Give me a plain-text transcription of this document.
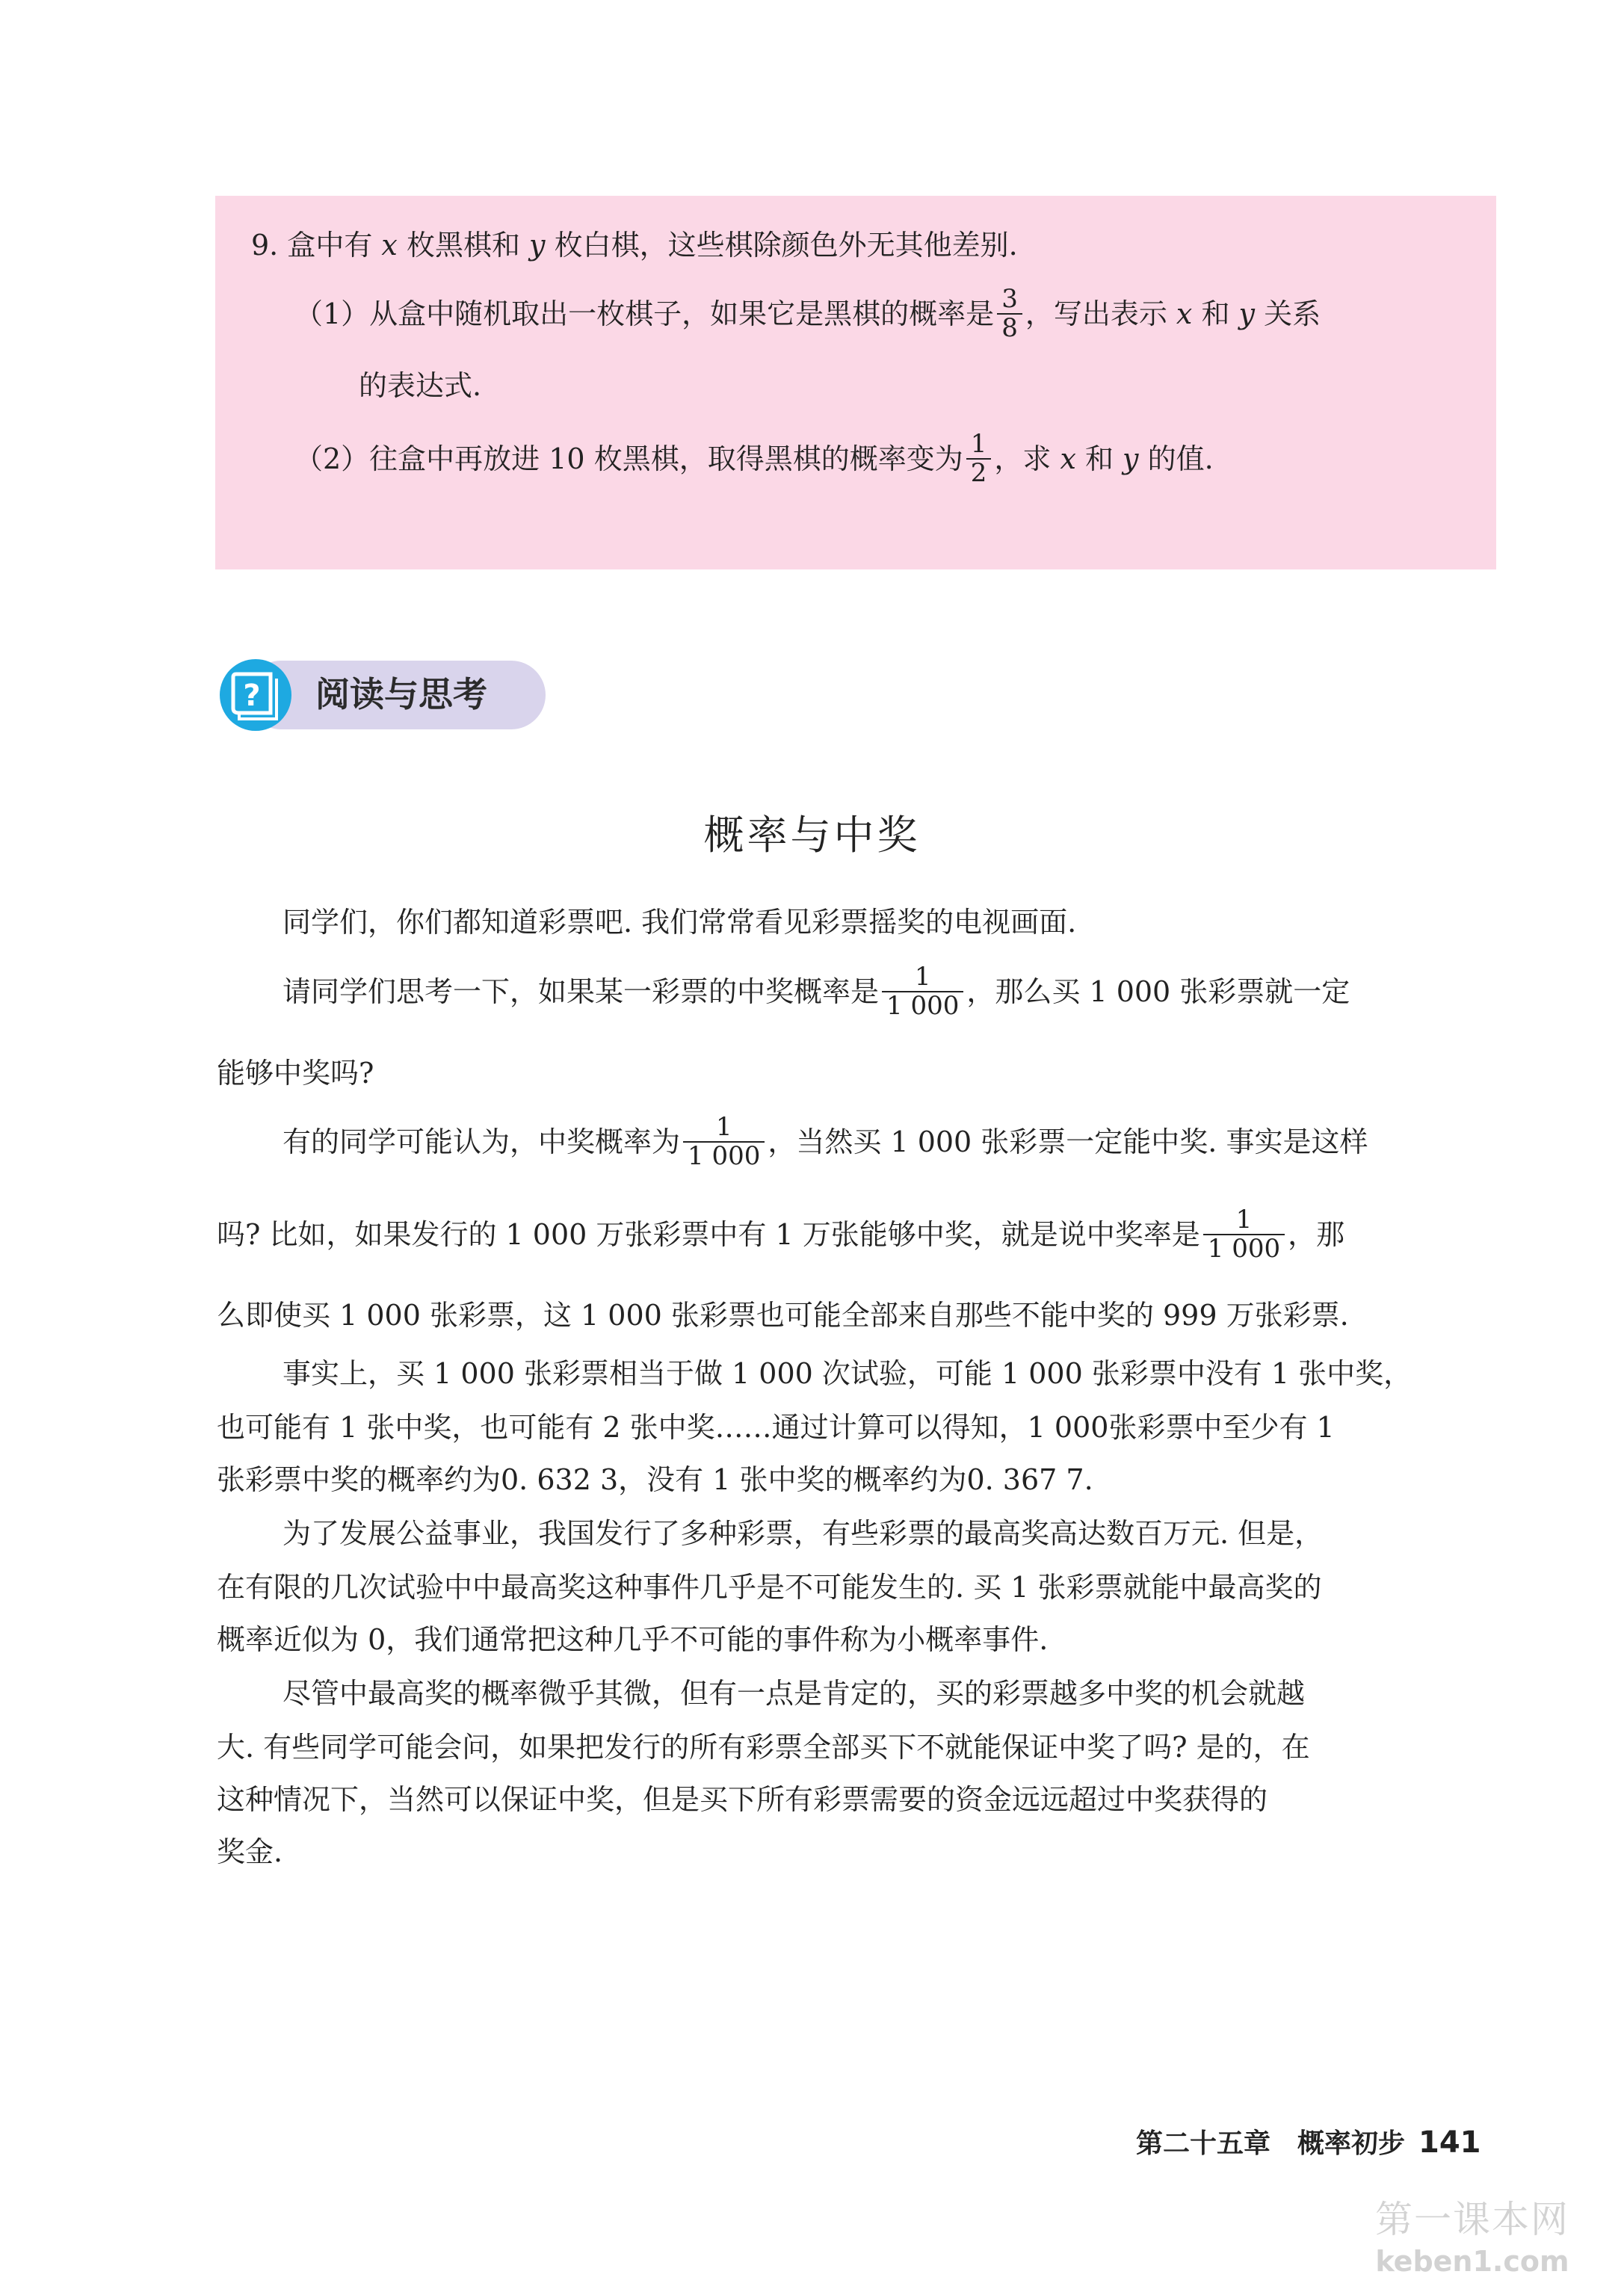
9. 盒中有 x 枚黑棋和 y 枚白棋，这些棋除颜色外无其他差别.
（1）从盒中随机取出一枚棋子，如果它是黑棋的概率是 $\frac{3}{8}$ ，写出表示 x 和 y 关系
的表达式.
（2）往盒中再放进 10 枚黑棋，取得黑棋的概率变为 $\frac{1}{2}$ ，求 x 和 y 的值.
? 阅读与思考
概率与中奖
同学们，你们都知道彩票吧. 我们常常看见彩票摇奖的电视画面.
请同学们思考一下，如果某一彩票的中奖概率是 $\frac{1}{1 000}$ ，那么买 1 000 张彩票就一定
能够中奖吗?
有的同学可能认为，中奖概率为 $\frac{1}{1 000}$ ，当然买 1 000 张彩票一定能中奖. 事实是这样
吗? 比如，如果发行的 1 000 万张彩票中有 1 万张能够中奖，就是说中奖率是 $\frac{1}{1 000}$ ，那
么即使买 1 000 张彩票，这 1 000 张彩票也可能全部来自那些不能中奖的 999 万张彩票.
事实上，买 1 000 张彩票相当于做 1 000 次试验，可能 1 000 张彩票中没有 1 张中奖，
也可能有 1 张中奖，也可能有 2 张中奖……通过计算可以得知，1 000张彩票中至少有 1
张彩票中奖的概率约为0. 632 3，没有 1 张中奖的概率约为0. 367 7.
为了发展公益事业，我国发行了多种彩票，有些彩票的最高奖高达数百万元. 但是，
在有限的几次试验中中最高奖这种事件几乎是不可能发生的. 买 1 张彩票就能中最高奖的
概率近似为 0，我们通常把这种几乎不可能的事件称为小概率事件.
尽管中最高奖的概率微乎其微，但有一点是肯定的，买的彩票越多中奖的机会就越
大. 有些同学可能会问，如果把发行的所有彩票全部买下不就能保证中奖了吗? 是的，在
这种情况下，当然可以保证中奖，但是买下所有彩票需要的资金远远超过中奖获得的
奖金.
第二十五章　概率初步 141
第一课本网
keben1.com
